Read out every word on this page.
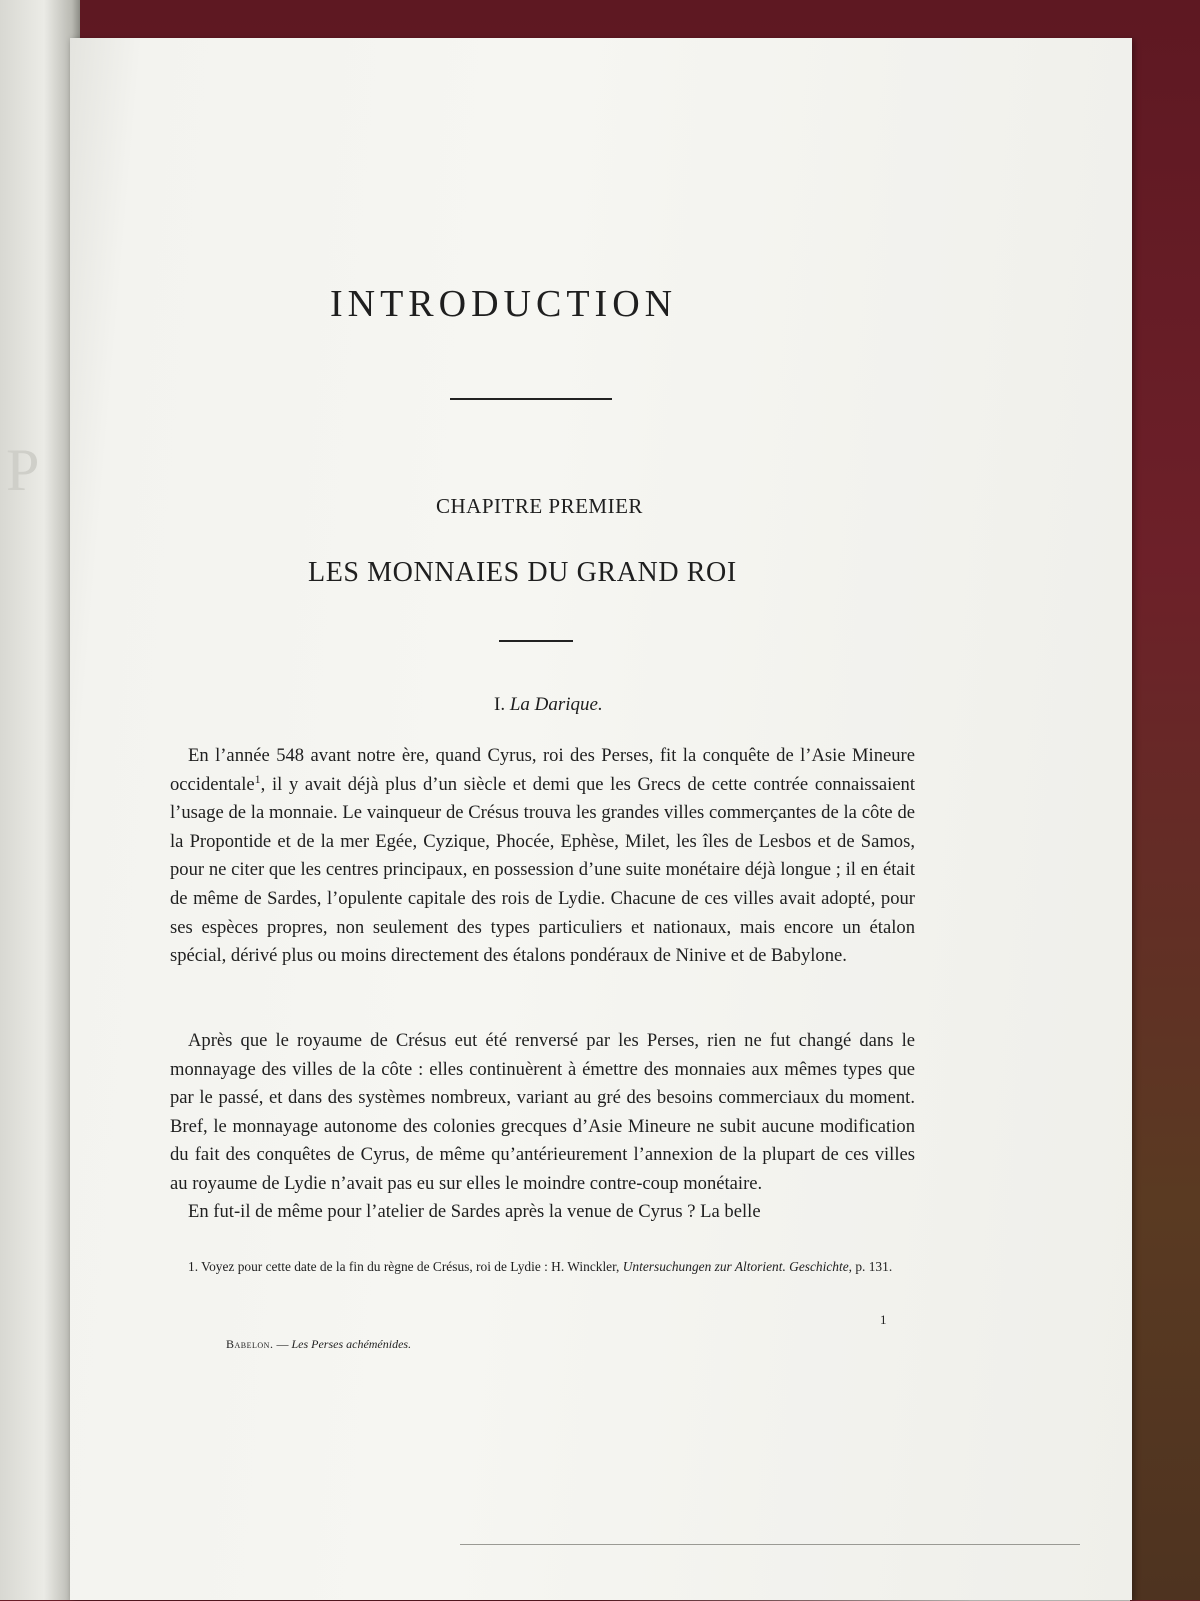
P
INTRODUCTION
CHAPITRE PREMIER
LES MONNAIES DU GRAND ROI
I. La Darique.

En l’année 548 avant notre ère, quand Cyrus, roi des Perses, fit la conquête de l’Asie Mineure occidentale$^1$, il y avait déjà plus d’un siècle et demi que les Grecs de cette contrée connaissaient l’usage de la monnaie. Le vainqueur de Crésus trouva les grandes villes commerçantes de la côte de la Propontide et de la mer Egée, Cyzique, Phocée, Ephèse, Milet, les îles de Lesbos et de Samos, pour ne citer que les centres principaux, en possession d’une suite monétaire déjà longue ; il en était de même de Sardes, l’opulente capitale des rois de Lydie. Chacune de ces villes avait adopté, pour ses espèces propres, non seulement des types particuliers et nationaux, mais encore un étalon spécial, dérivé plus ou moins directement des étalons pondéraux de Ninive et de Babylone.

Après que le royaume de Crésus eut été renversé par les Perses, rien ne fut changé dans le monnayage des villes de la côte : elles continuèrent à émettre des monnaies aux mêmes types que par le passé, et dans des systèmes nombreux, variant au gré des besoins commerciaux du moment. Bref, le monnayage autonome des colonies grecques d’Asie Mineure ne subit aucune modification du fait des conquêtes de Cyrus, de même qu’antérieurement l’annexion de la plupart de ces villes au royaume de Lydie n’avait pas eu sur elles le moindre contre-coup monétaire.

En fut-il de même pour l’atelier de Sardes après la venue de Cyrus ? La belle

1. Voyez pour cette date de la fin du règne de Crésus, roi de Lydie : H. Winckler, Untersuchungen zur Altorient. Geschichte, p. 131.

1
Babelon. — Les Perses achéménides.
